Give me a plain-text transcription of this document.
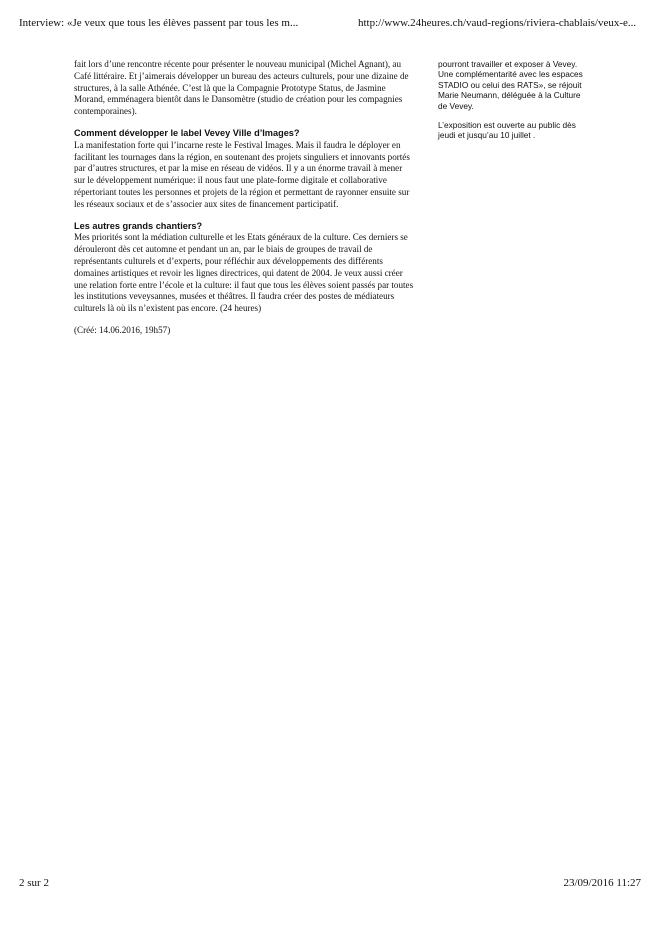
Interview: «Je veux que tous les élèves passent par tous les m...	http://www.24heures.ch/vaud-regions/riviera-chablais/veux-e...

fait lors d’une rencontre récente pour présenter le nouveau municipal (Michel Agnant), au Café littéraire. Et j’aimerais développer un bureau des acteurs culturels, pour une dizaine de structures, à la salle Athénée. C’est là que la Compagnie Prototype Status, de Jasmine Morand, emménagera bientôt dans le Dansomètre (studio de création pour les compagnies contemporaines).

Comment développer le label Vevey Ville d’Images?

La manifestation forte qui l’incarne reste le Festival Images. Mais il faudra le déployer en facilitant les tournages dans la région, en soutenant des projets singuliers et innovants portés par d’autres structures, et par la mise en réseau de vidéos. Il y a un énorme travail à mener sur le développement numérique: il nous faut une plate-forme digitale et collaborative répertoriant toutes les personnes et projets de la région et permettant de rayonner ensuite sur les réseaux sociaux et de s’associer aux sites de financement participatif.

Les autres grands chantiers?

Mes priorités sont la médiation culturelle et les Etats généraux de la culture. Ces derniers se dérouleront dès cet automne et pendant un an, par le biais de groupes de travail de représentants culturels et d’experts, pour réfléchir aux développements des différents domaines artistiques et revoir les lignes directrices, qui datent de 2004. Je veux aussi créer une relation forte entre l’école et la culture: il faut que tous les élèves soient passés par toutes les institutions veveysannes, musées et théâtres. Il faudra créer des postes de médiateurs culturels là où ils n’existent pas encore. (24 heures)

(Créé: 14.06.2016, 19h57)

pourront travailler et exposer à Vevey. Une complémentarité avec les espaces STADIO ou celui des RATS», se réjouit Marie Neumann, déléguée à la Culture de Vevey.

L’exposition est ouverte au public dès jeudi et jusqu’au 10 juillet .

2 sur 2	23/09/2016 11:27
